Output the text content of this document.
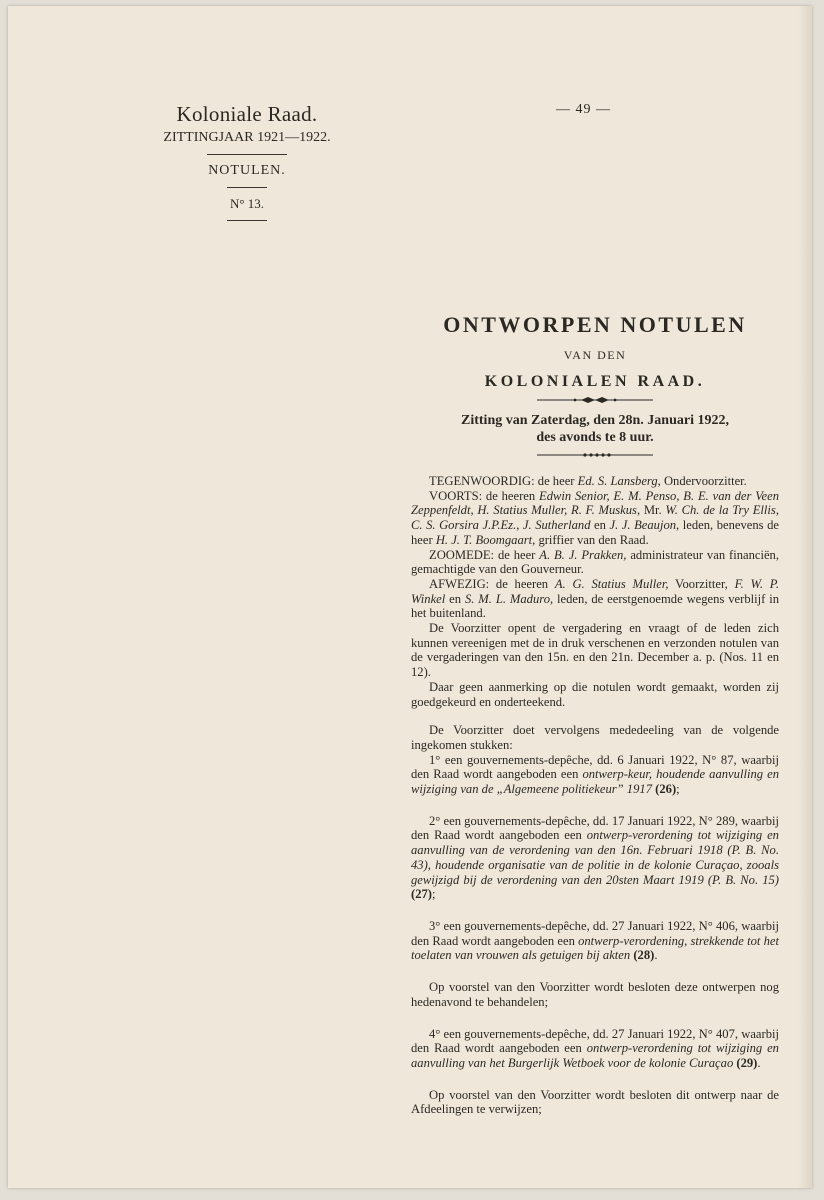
Koloniale Raad.
ZITTINGJAAR 1921—1922.
NOTULEN.
N° 13.
— 49 —
ONTWORPEN NOTULEN
VAN DEN
KOLONIALEN RAAD.
Zitting van Zaterdag, den 28n. Januari 1922,
des avonds te 8 uur.

TEGENWOORDIG: de heer Ed. S. Lansberg, Ondervoorzitter.

VOORTS: de heeren Edwin Senior, E. M. Penso, B. E. van der Veen Zeppenfeldt, H. Statius Muller, R. F. Muskus, Mr. W. Ch. de la Try Ellis, C. S. Gorsira J.P.Ez., J. Sutherland en J. J. Beaujon, leden, benevens de heer H. J. T. Boomgaart, griffier van den Raad.

ZOOMEDE: de heer A. B. J. Prakken, administrateur van financiën, gemachtigde van den Gouverneur.

AFWEZIG: de heeren A. G. Statius Muller, Voorzitter, F. W. P. Winkel en S. M. L. Maduro, leden, de eerstgenoemde wegens verblijf in het buitenland.

De Voorzitter opent de vergadering en vraagt of de leden zich kunnen vereenigen met de in druk verschenen en verzonden notulen van de vergaderingen van den 15n. en den 21n. December a. p. (Nos. 11 en 12).

Daar geen aanmerking op die notulen wordt gemaakt, worden zij goedgekeurd en onderteekend.

De Voorzitter doet vervolgens mededeeling van de volgende ingekomen stukken:

1° een gouvernements-depêche, dd. 6 Januari 1922, N° 87, waarbij den Raad wordt aangeboden een ontwerp-keur, houdende aanvulling en wijziging van de „Algemeene politiekeur” 1917 (26);

2° een gouvernements-depêche, dd. 17 Januari 1922, N° 289, waarbij den Raad wordt aangeboden een ontwerp-verordening tot wijziging en aanvulling van de verordening van den 16n. Februari 1918 (P. B. No. 43), houdende organisatie van de politie in de kolonie Curaçao, zooals gewijzigd bij de verordening van den 20sten Maart 1919 (P. B. No. 15) (27);

3° een gouvernements-depêche, dd. 27 Januari 1922, N° 406, waarbij den Raad wordt aangeboden een ontwerp-verordening, strekkende tot het toelaten van vrouwen als getuigen bij akten (28).

Op voorstel van den Voorzitter wordt besloten deze ontwerpen nog hedenavond te behandelen;

4° een gouvernements-depêche, dd. 27 Januari 1922, N° 407, waarbij den Raad wordt aangeboden een ontwerp-verordening tot wijziging en aanvulling van het Burgerlijk Wetboek voor de kolonie Curaçao (29).

Op voorstel van den Voorzitter wordt besloten dit ontwerp naar de Afdeelingen te verwijzen;
